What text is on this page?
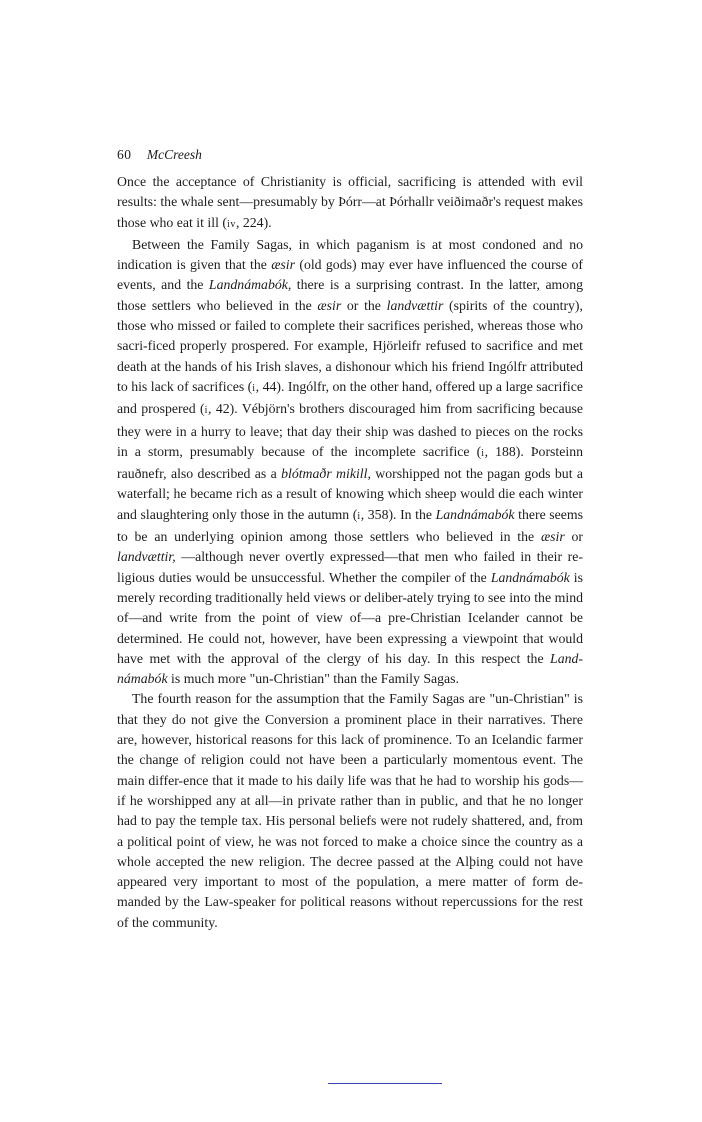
60 McCreesh

Once the acceptance of Christianity is official, sacrificing is attended with evil results: the whale sent—presumably by Þórr—at Þórhallr veiðimaðr's request makes those who eat it ill (iv, 224).

Between the Family Sagas, in which paganism is at most condoned and no indication is given that the æsir (old gods) may ever have influenced the course of events, and the Landnámabók, there is a surprising contrast. In the latter, among those settlers who believed in the æsir or the landvættir (spirits of the country), those who missed or failed to complete their sacrifices perished, whereas those who sacri-ficed properly prospered. For example, Hjörleifr refused to sacrifice and met death at the hands of his Irish slaves, a dishonour which his friend Ingólfr attributed to his lack of sacrifices (i, 44). Ingólfr, on the other hand, offered up a large sacrifice and prospered (i, 42). Vébjörn's brothers discouraged him from sacrificing because they were in a hurry to leave; that day their ship was dashed to pieces on the rocks in a storm, presumably because of the incomplete sacrifice (i, 188). Þorsteinn rauðnefr, also described as a blótmaðr mikill, worshipped not the pagan gods but a waterfall; he became rich as a result of knowing which sheep would die each winter and slaughtering only those in the autumn (i, 358). In the Landnámabók there seems to be an underlying opinion among those settlers who believed in the æsir or landvættir, —although never overtly expressed—that men who failed in their re-ligious duties would be unsuccessful. Whether the compiler of the Landnámabók is merely recording traditionally held views or deliber-ately trying to see into the mind of—and write from the point of view of—a pre-Christian Icelander cannot be determined. He could not, however, have been expressing a viewpoint that would have met with the approval of the clergy of his day. In this respect the Land-námabók is much more "un-Christian" than the Family Sagas.

The fourth reason for the assumption that the Family Sagas are "un-Christian" is that they do not give the Conversion a prominent place in their narratives. There are, however, historical reasons for this lack of prominence. To an Icelandic farmer the change of religion could not have been a particularly momentous event. The main differ-ence that it made to his daily life was that he had to worship his gods—if he worshipped any at all—in private rather than in public, and that he no longer had to pay the temple tax. His personal beliefs were not rudely shattered, and, from a political point of view, he was not forced to make a choice since the country as a whole accepted the new religion. The decree passed at the Alþing could not have appeared very important to most of the population, a mere matter of form de-manded by the Law-speaker for political reasons without repercussions for the rest of the community.
